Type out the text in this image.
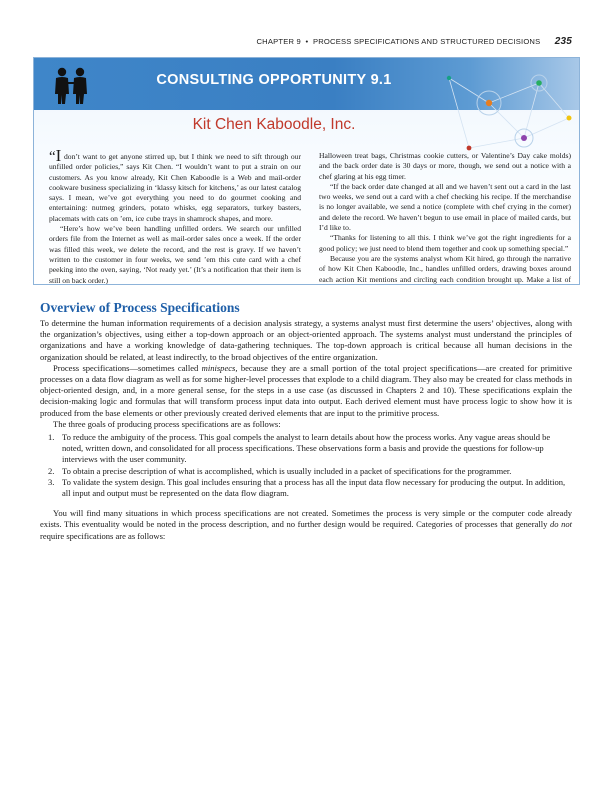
CHAPTER 9  •  PROCESS SPECIFICATIONS AND STRUCTURED DECISIONS 235
CONSULTING OPPORTUNITY 9.1
Kit Chen Kaboodle, Inc.

“I don’t want to get anyone stirred up, but I think we need to sift through our unfilled order policies,” says Kit Chen. “I wouldn’t want to put a strain on our customers. As you know already, Kit Chen Kaboodle is a Web and mail-order cookware business specializing in ‘klassy kitsch for kitchens,’ as our latest catalog says. I mean, we’ve got everything you need to do gourmet cooking and entertaining: nutmeg grinders, potato whisks, egg separators, turkey basters, placemats with cats on ’em, ice cube trays in shamrock shapes, and more.

“Here’s how we’ve been handling unfilled orders. We search our unfilled orders file from the Internet as well as mail-order sales once a week. If the order was filled this week, we delete the record, and the rest is gravy. If we haven’t written to the customer in four weeks, we send ’em this cute card with a chef peeking into the oven, saying, ‘Not ready yet.’ (It’s a notification that their item is still on back order.)

Halloween treat bags, Christmas cookie cutters, or Valentine’s Day cake molds) and the back order date is 30 days or more, though, we send out a notice with a chef glaring at his egg timer.

“If the back order date changed at all and we haven’t sent out a card in the last two weeks, we send out a card with a chef checking his recipe. If the merchandise is no longer available, we send a notice (complete with chef crying in the corner) and delete the record. We haven’t begun to use email in place of mailed cards, but I’d like to.

“Thanks for listening to all this. I think we’ve got the right ingredients for a good policy; we just need to blend them together and cook up something special.”

Because you are the systems analyst whom Kit hired, go through the narrative of how Kit Chen Kaboodle, Inc., handles unfilled orders, drawing boxes around each action Kit mentions and circling each condition brought up. Make a list of

Overview of Process Specifications

To determine the human information requirements of a decision analysis strategy, a systems analyst must first determine the users’ objectives, along with the organization’s objectives, using either a top-down approach or an object-oriented approach. The systems analyst must understand the principles of organizations and have a working knowledge of data-gathering techniques. The top-down approach is critical because all human decisions in the organization should be related, at least indirectly, to the broad objectives of the entire organization.

Process specifications—sometimes called minispecs, because they are a small portion of the total project specifications—are created for primitive processes on a data flow diagram as well as for some higher-level processes that explode to a child diagram. They also may be created for class methods in object-oriented design, and, in a more general sense, for the steps in a use case (as discussed in Chapters 2 and 10). These specifications explain the decision-making logic and formulas that will transform process input data into output. Each derived element must have process logic to show how it is produced from the base elements or other previously created derived elements that are input to the primitive process.

The three goals of producing process specifications are as follows:

1. To reduce the ambiguity of the process. This goal compels the analyst to learn details about how the process works. Any vague areas should be noted, written down, and consolidated for all process specifications. These observations form a basis and provide the questions for follow-up interviews with the user community.
2. To obtain a precise description of what is accomplished, which is usually included in a packet of specifications for the programmer.
3. To validate the system design. This goal includes ensuring that a process has all the input data flow necessary for producing the output. In addition, all input and output must be represented on the data flow diagram.

You will find many situations in which process specifications are not created. Sometimes the process is very simple or the computer code already exists. This eventuality would be noted in the process description, and no further design would be required. Categories of processes that generally do not require specifications are as follows:
